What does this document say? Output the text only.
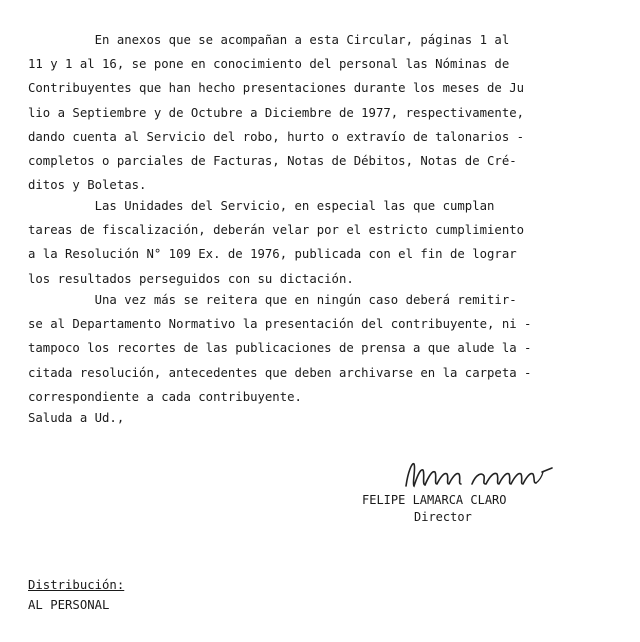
En anexos que se acompañan a esta Circular, páginas 1 al
11 y 1 al 16, se pone en conocimiento del personal las Nóminas de
Contribuyentes que han hecho presentaciones durante los meses de Ju
lio a Septiembre y de Octubre a Diciembre de 1977, respectivamente,
dando cuenta al Servicio del robo, hurto o extravío de talonarios -
completos o parciales de Facturas, Notas de Débitos, Notas de Cré-
ditos y Boletas.
Las Unidades del Servicio, en especial las que cumplan
tareas de fiscalización, deberán velar por el estricto cumplimiento
a la Resolución N° 109 Ex. de 1976, publicada con el fin de lograr
los resultados perseguidos con su dictación.
Una vez más se reitera que en ningún caso deberá remitir-
se al Departamento Normativo la presentación del contribuyente, ni -
tampoco los recortes de las publicaciones de prensa a que alude la -
citada resolución, antecedentes que deben archivarse en la carpeta -
correspondiente a cada contribuyente.
Saluda a Ud.,
FELIPE LAMARCA CLARO
Director
Distribución:
AL PERSONAL
